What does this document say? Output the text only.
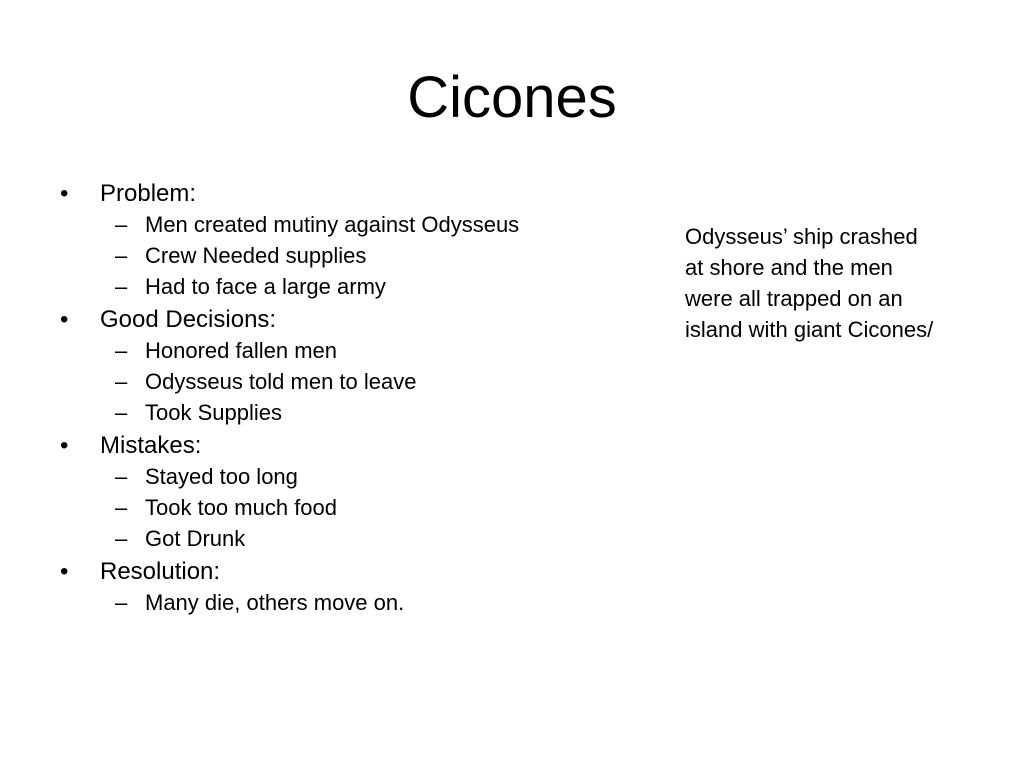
Cicones
• Problem:
– Men created mutiny against Odysseus
– Crew Needed supplies
– Had to face a large army
• Good Decisions:
– Honored fallen men
– Odysseus told men to leave
– Took Supplies
• Mistakes:
– Stayed too long
– Took too much food
– Got Drunk
• Resolution:
– Many die, others move on.
Odysseus’ ship crashed
at shore and the men
were all trapped on an
island with giant Cicones/
